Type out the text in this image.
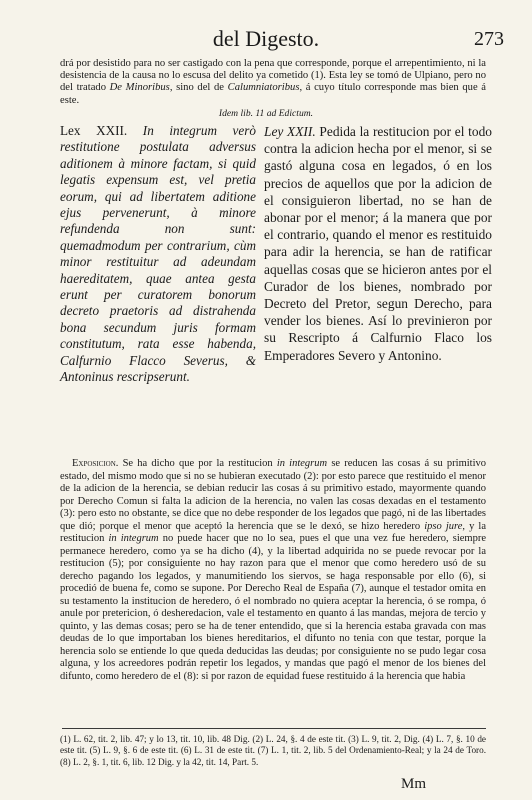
del Digesto.	273

drá por desistido para no ser castigado con la pena que corresponde, porque el arrepentimiento, ni la desistencia de la causa no lo escusa del delito ya cometido (1). Esta ley se tomó de Ulpiano, pero no del tratado De Minoribus, sino del de Calumniatoribus, á cuyo título corresponde mas bien que á este.

Idem lib. 11 ad Edictum.

Lex XXII. In integrum verò restitutione postulata adversus aditionem à minore factam, si quid legatis expensum est, vel pretia eorum, qui ad libertatem aditione ejus pervenerunt, à minore refundenda non sunt: quemadmodum per contrarium, cùm minor restituitur ad adeundam haereditatem, quae antea gesta erunt per curatorem bonorum decreto praetoris ad distrahenda bona secundum juris formam constitutum, rata esse habenda, Calfurnio Flacco Severus, & Antoninus rescripserunt.

Ley XXII. Pedida la restitucion por el todo contra la adicion hecha por el menor, si se gastó alguna cosa en legados, ó en los precios de aquellos que por la adicion de el consiguieron libertad, no se han de abonar por el menor; á la manera que por el contrario, quando el menor es restituido para adir la herencia, se han de ratificar aquellas cosas que se hicieron antes por el Curador de los bienes, nombrado por Decreto del Pretor, segun Derecho, para vender los bienes. Así lo previnieron por su Rescripto á Calfurnio Flaco los Emperadores Severo y Antonino.

Exposicion. Se ha dicho que por la restitucion in integrum se reducen las cosas á su primitivo estado, del mismo modo que si no se hubieran executado (2): por esto parece que restituido el menor de la adicion de la herencia, se debian reducir las cosas á su primitivo estado, mayormente quando por Derecho Comun si falta la adicion de la herencia, no valen las cosas dexadas en el testamento (3): pero esto no obstante, se dice que no debe responder de los legados que pagó, ni de las libertades que dió; porque el menor que aceptó la herencia que se le dexó, se hizo heredero ipso jure, y la restitucion in integrum no puede hacer que no lo sea, pues el que una vez fue heredero, siempre permanece heredero, como ya se ha dicho (4), y la libertad adquirida no se puede revocar por la restitucion (5); por consiguiente no hay razon para que el menor que como heredero usó de su derecho pagando los legados, y manumitiendo los siervos, se haga responsable por ello (6), si procedió de buena fe, como se supone. Por Derecho Real de España (7), aunque el testador omita en su testamento la institucion de heredero, ó el nombrado no quiera aceptar la herencia, ó se rompa, ó anule por pretericion, ó desheredacion, vale el testamento en quanto á las mandas, mejora de tercio y quinto, y las demas cosas; pero se ha de tener entendido, que si la herencia estaba gravada con mas deudas de lo que importaban los bienes hereditarios, el difunto no tenia con que testar, porque la herencia solo se entiende lo que queda deducidas las deudas; por consiguiente no se pudo legar cosa alguna, y los acreedores podrán repetir los legados, y mandas que pagó el menor de los bienes del difunto, como heredero de el (8): si por razon de equidad fuese restituido á la herencia que habia

(1) L. 62, tit. 2, lib. 47; y lo 13, tit. 10, lib. 48 Dig. (2) L. 24, §. 4 de este tit. (3) L. 9, tit. 2, Dig. (4) L. 7, §. 10 de este tit. (5) L. 9, §. 6 de este tit. (6) L. 31 de este tit. (7) L. 1, tit. 2, lib. 5 del Ordenamiento-Real; y la 24 de Toro. (8) L. 2, §. 1, tit. 6, lib. 12 Dig. y la 42, tit. 14, Part. 5.

Mm
